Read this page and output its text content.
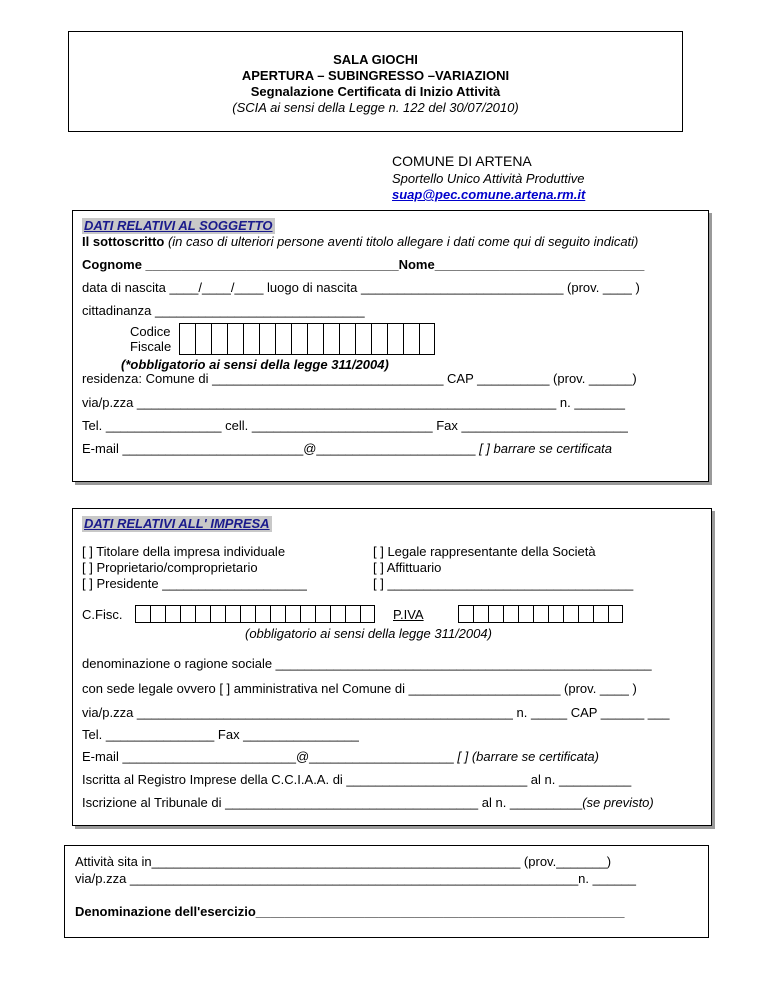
SALA GIOCHI
APERTURA – SUBINGRESSO –VARIAZIONI
Segnalazione Certificata di Inizio Attività
(SCIA ai sensi della Legge n. 122 del 30/07/2010)
COMUNE DI ARTENA
Sportello Unico Attività Produttive
suap@pec.comune.artena.rm.it
DATI RELATIVI AL SOGGETTO
Il sottoscritto (in caso di ulteriori persone aventi titolo allegare i dati come qui di seguito indicati)
Cognome ___________________________________Nome_____________________________
data di nascita ____/____/____ luogo di nascita ____________________________ (prov. ____ )
cittadinanza _____________________________
Codice
Fiscale
(*obbligatorio ai sensi della legge 311/2004)
residenza: Comune di ________________________________ CAP __________ (prov. ______)
via/p.zza __________________________________________________________ n. _______
Tel. ________________ cell. _________________________ Fax _______________________
E-mail _________________________@______________________ [ ] barrare se certificata
DATI RELATIVI ALL' IMPRESA
[ ] Titolare della impresa individuale
[ ] Proprietario/comproprietario
[ ] Presidente ____________________
[ ] Legale rappresentante della Società
[ ] Affittuario
[ ] __________________________________
C.Fisc.	P.IVA
(obbligatorio ai sensi della legge 311/2004)
denominazione o ragione sociale ____________________________________________________
con sede legale ovvero [ ] amministrativa nel Comune di _____________________ (prov. ____ )
via/p.zza ____________________________________________________ n. _____ CAP ______ ___
Tel. _______________ Fax ________________
E-mail ________________________@____________________ [ ] (barrare se certificata)
Iscritta al Registro Imprese della C.C.I.A.A. di _________________________ al n. __________
Iscrizione al Tribunale di ___________________________________ al n. __________(se previsto)
Attività sita in___________________________________________________ (prov._______)
via/p.zza ______________________________________________________________n. ______
Denominazione dell'esercizio___________________________________________________
